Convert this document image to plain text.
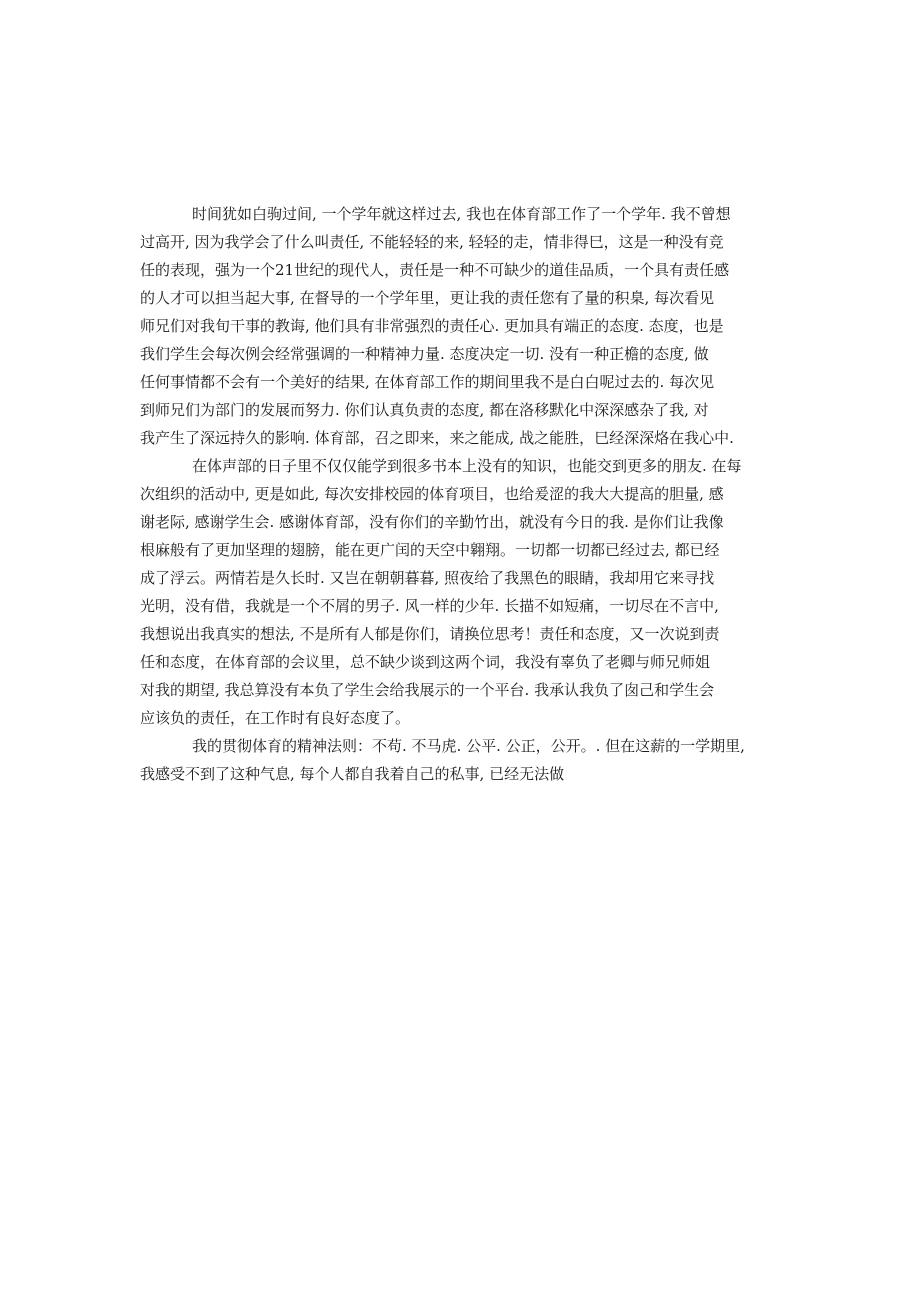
时间犹如白驹过间, 一个学年就这样过去, 我也在体育部工作了一个学年. 我不曾想
过高开, 因为我学会了什么叫责任, 不能轻轻的来, 轻轻的走，情非得巳，这是一种没有竞
任的表现，强为一个21世纪的现代人，责任是一种不可缺少的道佳品质，一个具有责任感
的人才可以担当起大事, 在督导的一个学年里，更让我的责任您有了量的积臬, 每次看见
师兄们对我旬干事的教诲, 他们具有非常强烈的责任心. 更加具有端正的态度. 态度，也是
我们学生会每次例会经常强调的一种精神力量. 态度决定一切. 没有一种正檐的态度, 做
任何事情都不会有一个美好的结果, 在体育部工作的期间里我不是白白呢过去的. 每次见
到师兄们为部门的发展而努力. 你们认真负责的态度, 都在洛移默化中深深感杂了我, 对
我产生了深远持久的影响. 体育部，召之即来，来之能成, 战之能胜，巳经深深烙在我心中.
在体声部的日子里不仅仅能学到很多书本上没有的知识，也能交到更多的朋友. 在每
次组织的活动中, 更是如此, 每次安排校园的体育项目，也给爰涩的我大大提高的胆量, 感
谢老际, 感谢学生会. 感谢体育部，没有你们的辛勤竹出，就没有今日的我. 是你们让我像
根麻般有了更加坚理的翅膀，能在更广闰的天空中翱翔。一切都一切都已经过去, 都已经
成了浮云。两情若是久长时. 又岂在朝朝暮暮, 照夜给了我黑色的眼睛，我却用它来寻找
光明，没有借，我就是一个不屑的男子. 风一样的少年. 长描不如短痛，一切尽在不言中,
我想说出我真实的想法, 不是所有人郁是你们，请换位思考！责任和态度，又一次说到责
任和态度，在体育部的会议里，总不缺少谈到这两个词，我没有辜负了老卿与师兄师姐
对我的期望, 我总算没有本负了学生会给我展示的一个平台. 我承认我负了囱己和学生会
应该负的责任，在工作时有良好态度了。
我的贯彻体育的精神法则：不苟. 不马虎. 公平. 公正，公开。. 但在这薪的一学期里,
我感受不到了这种气息, 每个人都自我着自己的私事, 已经无法做
